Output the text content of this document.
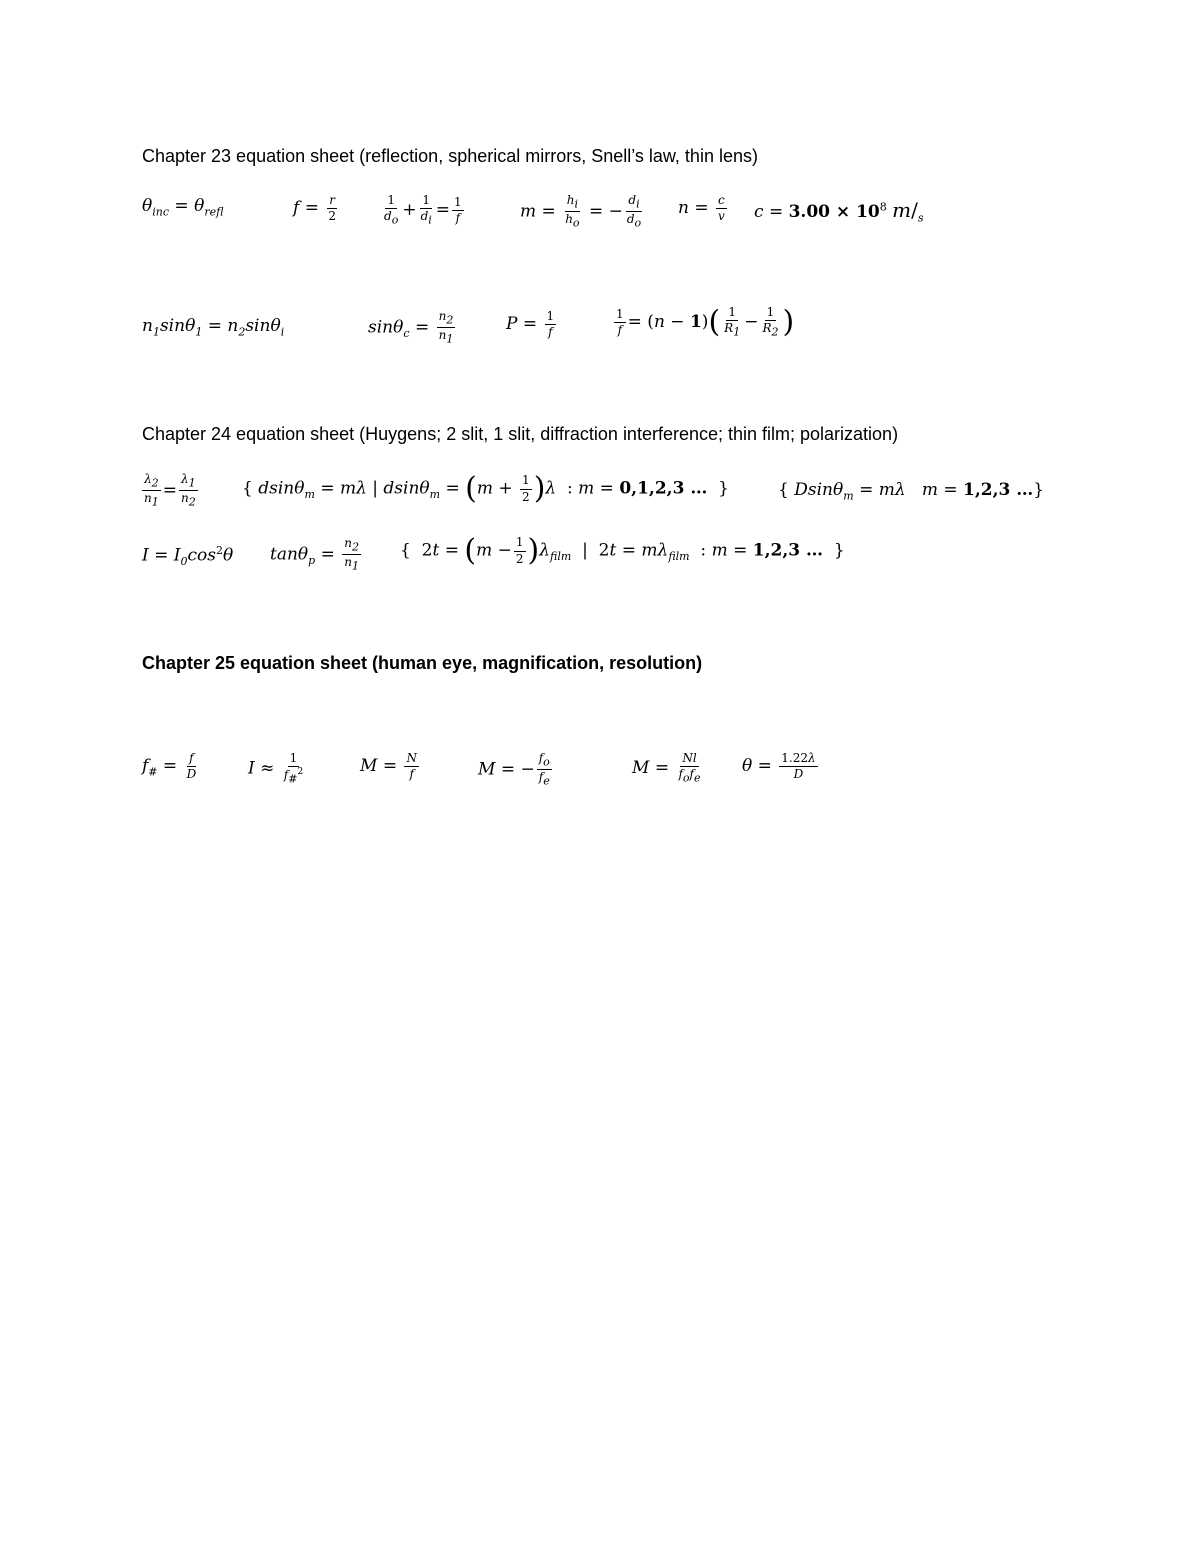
Chapter 23 equation sheet (reflection, spherical mirrors, Snell’s law, thin lens)
$\theta_{inc} = \theta_{refl}$	$f = \frac{r}{2}$	$\frac{1}{d_o} + \frac{1}{d_i} = \frac{1}{f}$	$m = \frac{h_i}{h_o}$ = − $\frac{d_i}{d_o}$ $n = \frac{c}{v}$ $c = 3.00 \times 10^8$ $m/_s$
$n_1\sin\theta_1 = n_2\sin\theta_i$	$\sin\theta_c = \frac{n_2}{n_1}$	$P = \frac{1}{f}$	$\frac{1}{f} = (n - 1)( \frac{1}{R_1} - \frac{1}{R_2}$ )
Chapter 24 equation sheet (Huygens; 2 slit, 1 slit, diffraction interference; thin film; polarization)
$\frac{\lambda_2}{n_1} = \frac{\lambda_1}{n_2}$	{ dsinθ$_m$ = mλ | $dsin\theta_m = (m + \frac{1}{2} )\lambda$  : m = 0,1,2,3 … }	{ Dsinθ$_m$ = mλ   m = 1,2,3 …}
$I = I_0\cos^2\theta$ $\tan\theta_p = \frac{n_2}{n_1}$ { $2t = (m - \frac{1}{2} )\lambda_{film}$ | $2t = m\lambda_{film}$ : m = 1,2,3 … }
Chapter 25 equation sheet (human eye, magnification, resolution)
$f_{\#} = \frac{f}{D}$	$I \approx \frac{1}{f_{\#}^2}$	$M = \frac{N}{f}$	M = − $\frac{f_o}{f_e}$	$M = \frac{Nl}{f_of_e}$ $\theta = \frac{1.22\lambda}{D}$
